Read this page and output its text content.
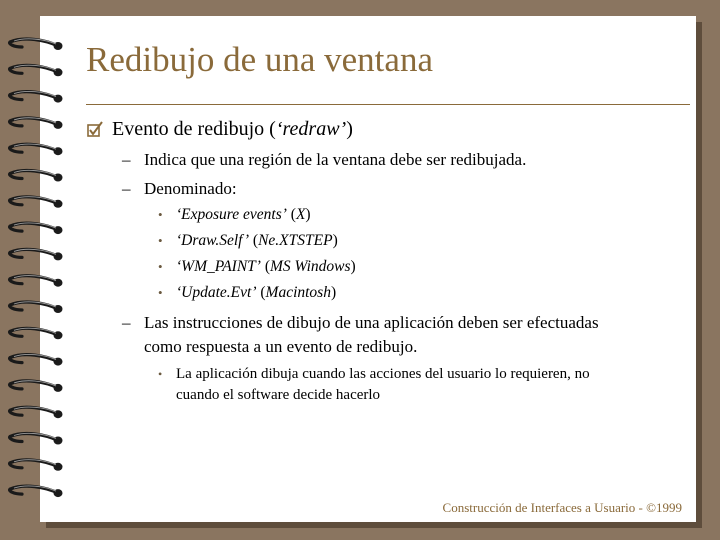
Redibujo de una ventana
Evento de redibujo (‘redraw’)
– Indica que una región de la ventana debe ser redibujada.
– Denominado:
• ‘Exposure events’ (X)
• ‘Draw.Self’ (Ne.XTSTEP)
• ‘WM_PAINT’ (MS Windows)
• ‘Update.Evt’ (Macintosh)
– Las instrucciones de dibujo de una aplicación deben ser efectuadas
como respuesta a un evento de redibujo.
• La aplicación dibuja cuando las acciones del usuario lo requieren, no
cuando el software decide hacerlo
Construcción de Interfaces a Usuario - ©1999
